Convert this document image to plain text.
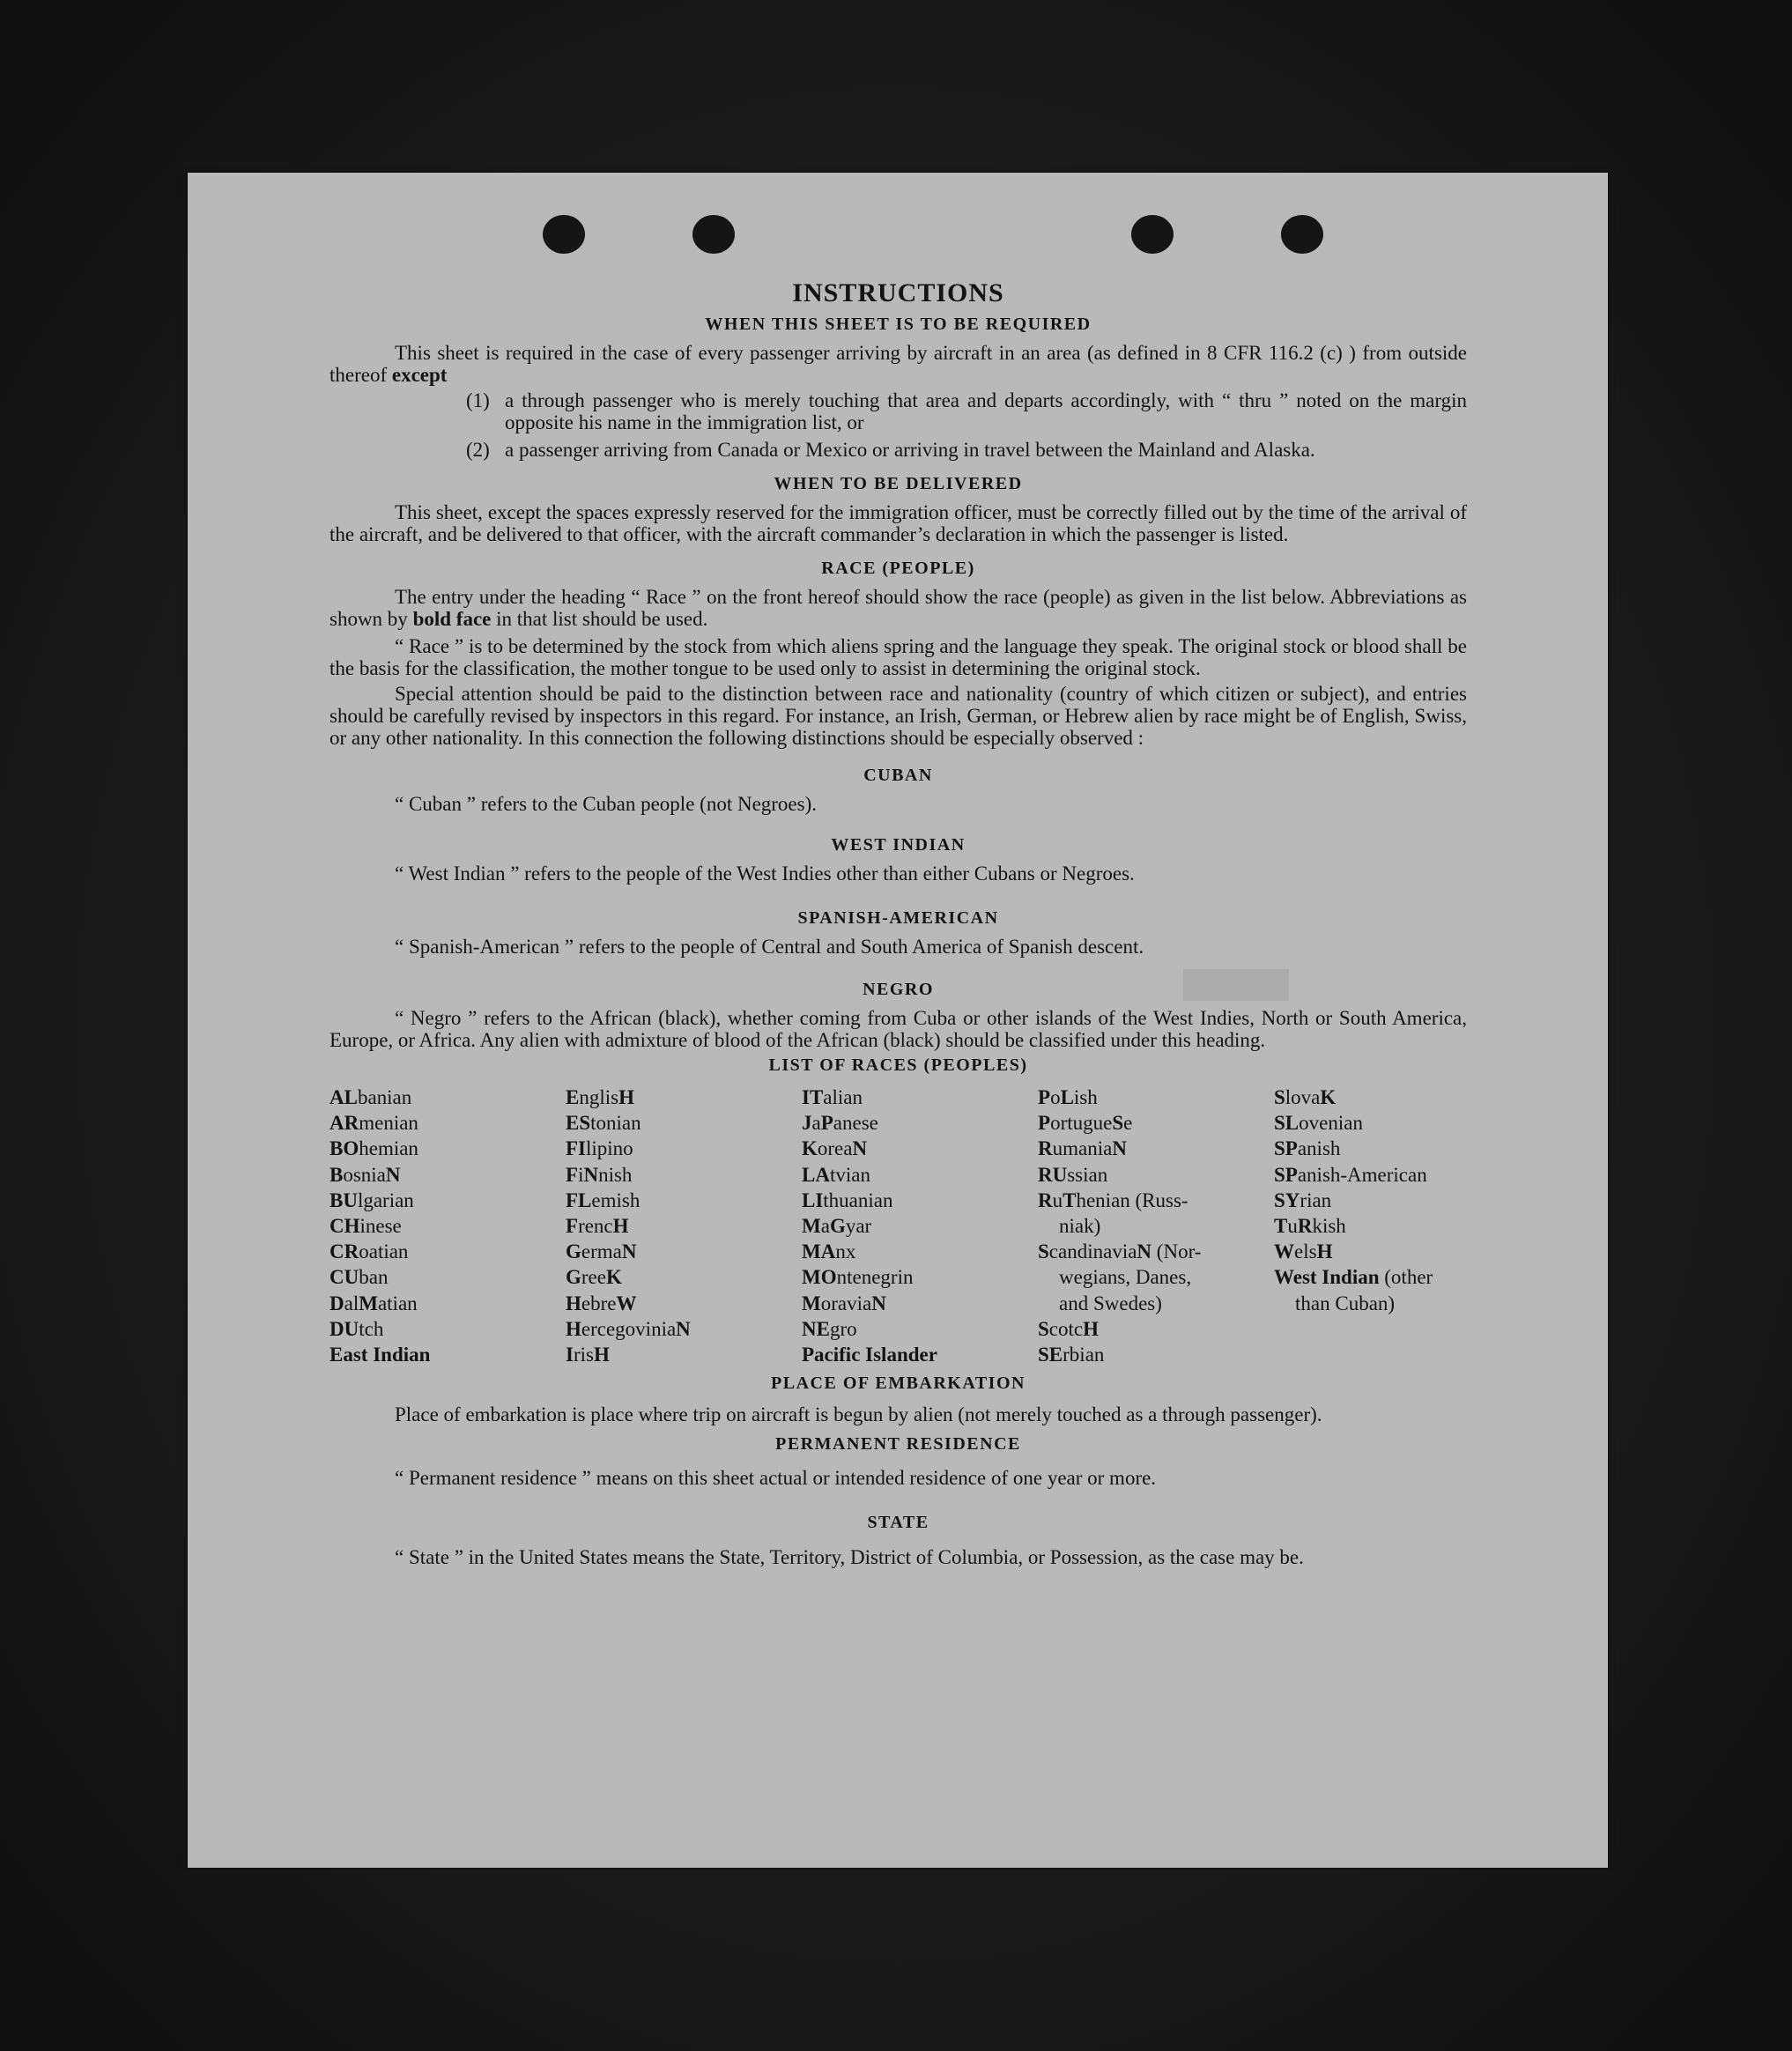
▬
INSTRUCTIONS
WHEN THIS SHEET IS TO BE REQUIRED

This sheet is required in the case of every passenger arriving by aircraft in an area (as defined in 8 CFR 116.2 (c) ) from outside thereof except

(1) a through passenger who is merely touching that area and departs accordingly, with “ thru ” noted on the margin opposite his name in the immigration list, or
(2) a passenger arriving from Canada or Mexico or arriving in travel between the Mainland and Alaska.
WHEN TO BE DELIVERED

This sheet, except the spaces expressly reserved for the immigration officer, must be correctly filled out by the time of the arrival of the aircraft, and be delivered to that officer, with the aircraft commander’s declaration in which the passenger is listed.

RACE (PEOPLE)

The entry under the heading “ Race ” on the front hereof should show the race (people) as given in the list below. Abbreviations as shown by bold face in that list should be used.

“ Race ” is to be determined by the stock from which aliens spring and the language they speak. The original stock or blood shall be the basis for the classification, the mother tongue to be used only to assist in determining the original stock.

Special attention should be paid to the distinction between race and nationality (country of which citizen or subject), and entries should be carefully revised by inspectors in this regard. For instance, an Irish, German, or Hebrew alien by race might be of English, Swiss, or any other nationality. In this connection the following distinctions should be especially observed :

CUBAN

“ Cuban ” refers to the Cuban people (not Negroes).

WEST INDIAN

“ West Indian ” refers to the people of the West Indies other than either Cubans or Negroes.

SPANISH-AMERICAN

“ Spanish-American ” refers to the people of Central and South America of Spanish descent.

NEGRO

“ Negro ” refers to the African (black), whether coming from Cuba or other islands of the West Indies, North or South America, Europe, or Africa. Any alien with admixture of blood of the African (black) should be classified under this heading.

LIST OF RACES (PEOPLES)
ALbanian
ARmenian
BOhemian
BosniaN
BUlgarian
CHinese
CRoatian
CUban
DalMatian
DUtch
East Indian
EnglisH
EStonian
FIlipino
FiNnish
FLemish
FrencH
GermaN
GreeK
HebreW
HercegoviniaN
IrisH
ITalian
JaPanese
KoreaN
LAtvian
LIthuanian
MaGyar
MAnx
MOntenegrin
MoraviaN
NEgro
Pacific Islander
PoLish
PortugueSe
RumaniaN
RUssian
RuThenian (Russ-
niak)
ScandinaviaN (Nor-
wegians, Danes,
and Swedes)
ScotcH
SErbian
SlovaK
SLovenian
SPanish
SPanish-American
SYrian
TuRkish
WelsH
West Indian (other
than Cuban)
PLACE OF EMBARKATION

Place of embarkation is place where trip on aircraft is begun by alien (not merely touched as a through passenger).

PERMANENT RESIDENCE

“ Permanent residence ” means on this sheet actual or intended residence of one year or more.

STATE

“ State ” in the United States means the State, Territory, District of Columbia, or Possession, as the case may be.
